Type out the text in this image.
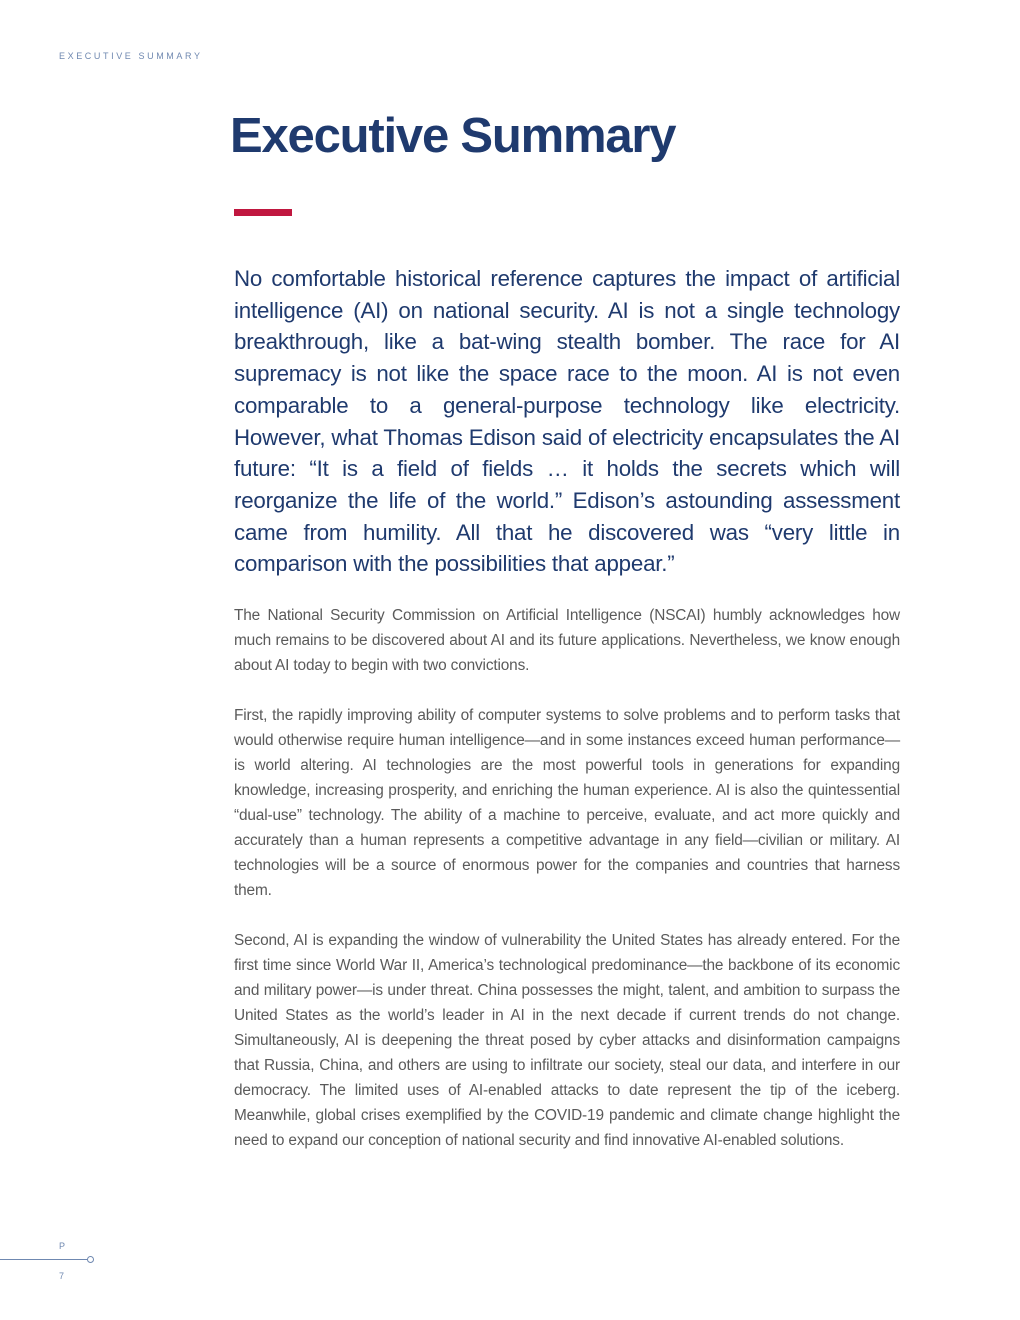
EXECUTIVE SUMMARY
Executive Summary

No comfortable historical reference captures the impact of artificial intelligence (AI) on national security. AI is not a single technology breakthrough, like a bat-wing stealth bomber. The race for AI supremacy is not like the space race to the moon. AI is not even comparable to a general-purpose technology like electricity. However, what Thomas Edison said of electricity encapsulates the AI future: “It is a field of fields … it holds the secrets which will reorganize the life of the world.” Edison’s astounding assessment came from humility. All that he discovered was “very little in comparison with the possibilities that appear.”

The National Security Commission on Artificial Intelligence (NSCAI) humbly acknowledges how much remains to be discovered about AI and its future applications. Nevertheless, we know enough about AI today to begin with two convictions.

First, the rapidly improving ability of computer systems to solve problems and to perform tasks that would otherwise require human intelligence—and in some instances exceed human performance—is world altering. AI technologies are the most powerful tools in generations for expanding knowledge, increasing prosperity, and enriching the human experience. AI is also the quintessential “dual-use” technology. The ability of a machine to perceive, evaluate, and act more quickly and accurately than a human represents a competitive advantage in any field—civilian or military. AI technologies will be a source of enormous power for the companies and countries that harness them.

Second, AI is expanding the window of vulnerability the United States has already entered. For the first time since World War II, America’s technological predominance—the backbone of its economic and military power—is under threat. China possesses the might, talent, and ambition to surpass the United States as the world’s leader in AI in the next decade if current trends do not change. Simultaneously, AI is deepening the threat posed by cyber attacks and disinformation campaigns that Russia, China, and others are using to infiltrate our society, steal our data, and interfere in our democracy. The limited uses of AI-enabled attacks to date represent the tip of the iceberg. Meanwhile, global crises exemplified by the COVID-19 pandemic and climate change highlight the need to expand our conception of national security and find innovative AI-enabled solutions.

P
7
